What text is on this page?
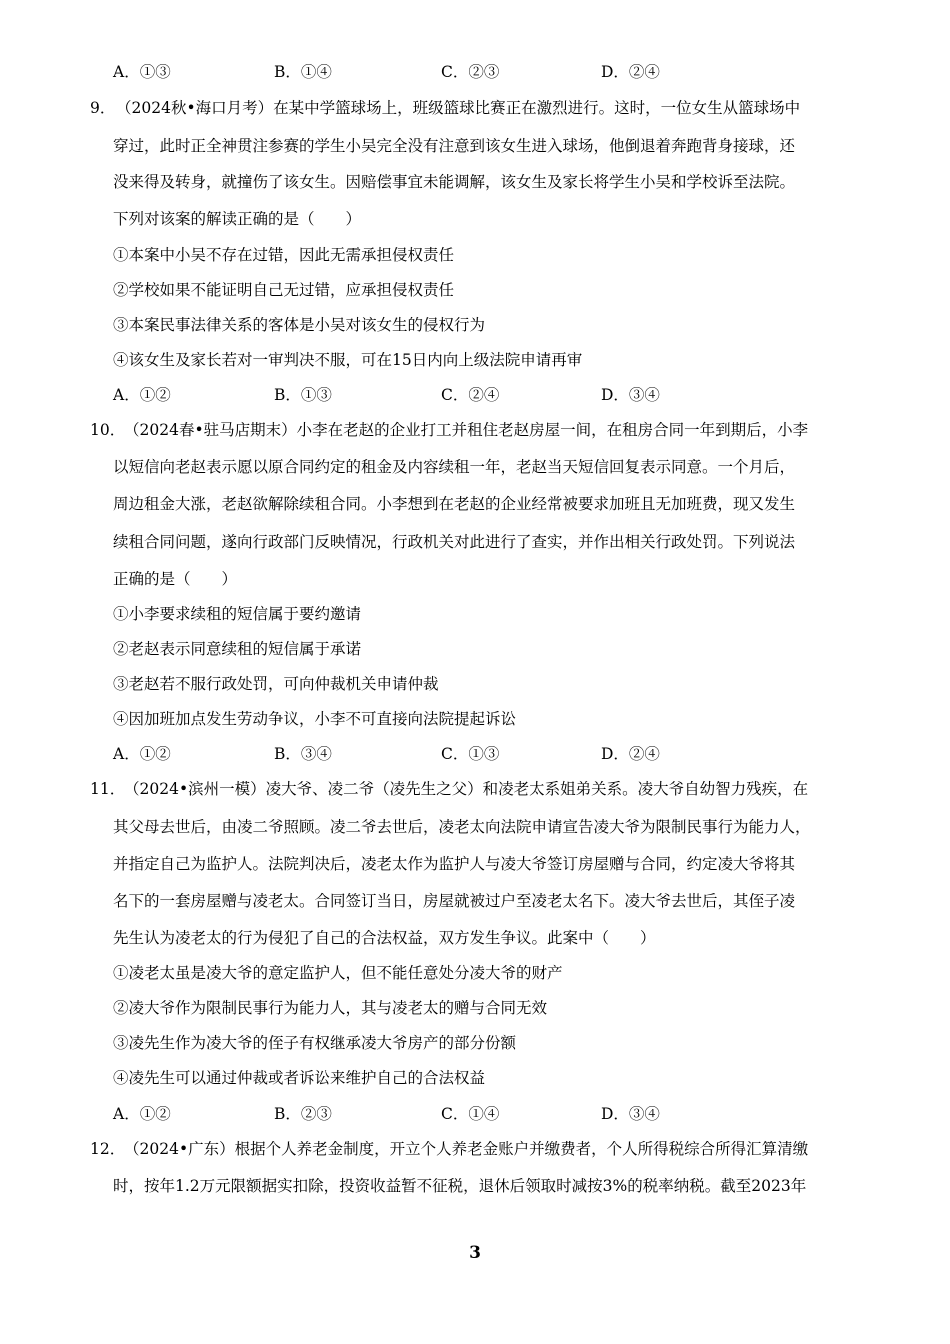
A．①③	B．①④	C．②③	D．②④
9． （2024秋•海口月考）在某中学篮球场上，班级篮球比赛正在激烈进行。这时，一位女生从篮球场中
穿过，此时正全神贯注参赛的学生小吴完全没有注意到该女生进入球场，他倒退着奔跑背身接球，还
没来得及转身，就撞伤了该女生。因赔偿事宜未能调解，该女生及家长将学生小吴和学校诉至法院。
下列对该案的解读正确的是（　　）
①本案中小吴不存在过错，因此无需承担侵权责任
②学校如果不能证明自己无过错，应承担侵权责任
③本案民事法律关系的客体是小吴对该女生的侵权行为
④该女生及家长若对一审判决不服，可在15日内向上级法院申请再审
A．①②	B．①③	C．②④	D．③④
10．
（2024春•驻马店期末）小李在老赵的企业打工并租住老赵房屋一间，在租房合同一年到期后，小李
以短信向老赵表示愿以原合同约定的租金及内容续租一年，老赵当天短信回复表示同意。一个月后，
周边租金大涨，老赵欲解除续租合同。小李想到在老赵的企业经常被要求加班且无加班费，现又发生
续租合同问题，遂向行政部门反映情况，行政机关对此进行了查实，并作出相关行政处罚。下列说法
正确的是（　　）
①小李要求续租的短信属于要约邀请
②老赵表示同意续租的短信属于承诺
③老赵若不服行政处罚，可向仲裁机关申请仲裁
④因加班加点发生劳动争议，小李不可直接向法院提起诉讼
A．①②	B．③④	C．①③	D．②④
11．
（2024•滨州一模）凌大爷、凌二爷（凌先生之父）和凌老太系姐弟关系。凌大爷自幼智力残疾，在
其父母去世后，由凌二爷照顾。凌二爷去世后，凌老太向法院申请宣告凌大爷为限制民事行为能力人，
并指定自己为监护人。法院判决后，凌老太作为监护人与凌大爷签订房屋赠与合同，约定凌大爷将其
名下的一套房屋赠与凌老太。合同签订当日，房屋就被过户至凌老太名下。凌大爷去世后，其侄子凌
先生认为凌老太的行为侵犯了自己的合法权益，双方发生争议。此案中（　　）
①凌老太虽是凌大爷的意定监护人，但不能任意处分凌大爷的财产
②凌大爷作为限制民事行为能力人，其与凌老太的赠与合同无效
③凌先生作为凌大爷的侄子有权继承凌大爷房产的部分份额
④凌先生可以通过仲裁或者诉讼来维护自己的合法权益
A．①②	B．②③	C．①④	D．③④
12．
（2024•广东）根据个人养老金制度，开立个人养老金账户并缴费者，个人所得税综合所得汇算清缴
时，按年1.2万元限额据实扣除，投资收益暂不征税，退休后领取时减按3%的税率纳税。截至2023年
3
